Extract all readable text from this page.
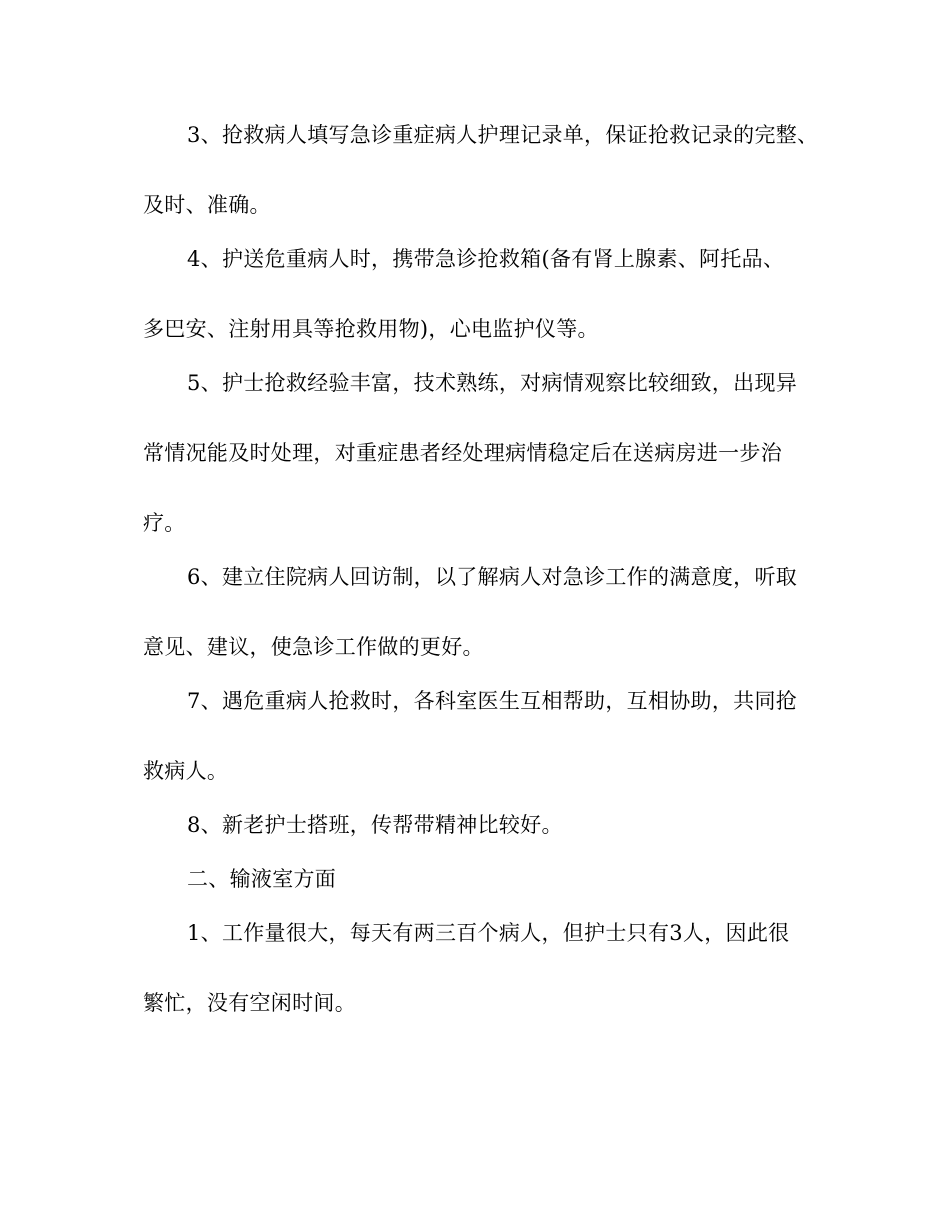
3、抢救病人填写急诊重症病人护理记录单，保证抢救记录的完整、
及时、准确。
4、护送危重病人时，携带急诊抢救箱(备有肾上腺素、阿托品、
多巴安、注射用具等抢救用物)，心电监护仪等。
5、护士抢救经验丰富，技术熟练，对病情观察比较细致，出现异
常情况能及时处理，对重症患者经处理病情稳定后在送病房进一步治
疗。
6、建立住院病人回访制，以了解病人对急诊工作的满意度，听取
意见、建议，使急诊工作做的更好。
7、遇危重病人抢救时，各科室医生互相帮助，互相协助，共同抢
救病人。
8、新老护士搭班，传帮带精神比较好。
二、输液室方面
1、工作量很大，每天有两三百个病人，但护士只有3人，因此很
繁忙，没有空闲时间。
